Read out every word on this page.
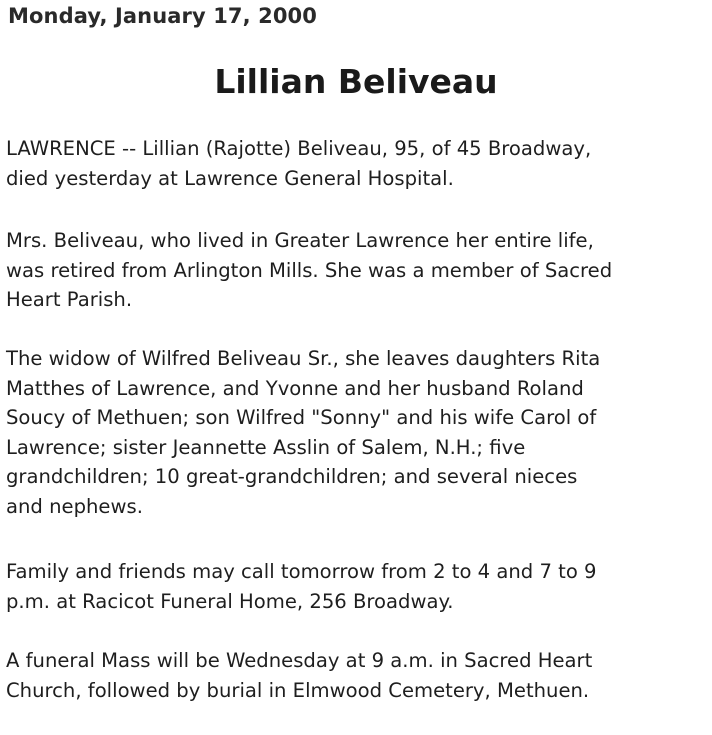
Monday, January 17, 2000
Lillian Beliveau
LAWRENCE -- Lillian (Rajotte) Beliveau, 95, of 45 Broadway,
died yesterday at Lawrence General Hospital.
Mrs. Beliveau, who lived in Greater Lawrence her entire life,
was retired from Arlington Mills. She was a member of Sacred
Heart Parish.
The widow of Wilfred Beliveau Sr., she leaves daughters Rita
Matthes of Lawrence, and Yvonne and her husband Roland
Soucy of Methuen; son Wilfred "Sonny" and his wife Carol of
Lawrence; sister Jeannette Asslin of Salem, N.H.; five
grandchildren; 10 great-grandchildren; and several nieces
and nephews.
Family and friends may call tomorrow from 2 to 4 and 7 to 9
p.m. at Racicot Funeral Home, 256 Broadway.
A funeral Mass will be Wednesday at 9 a.m. in Sacred Heart
Church, followed by burial in Elmwood Cemetery, Methuen.
